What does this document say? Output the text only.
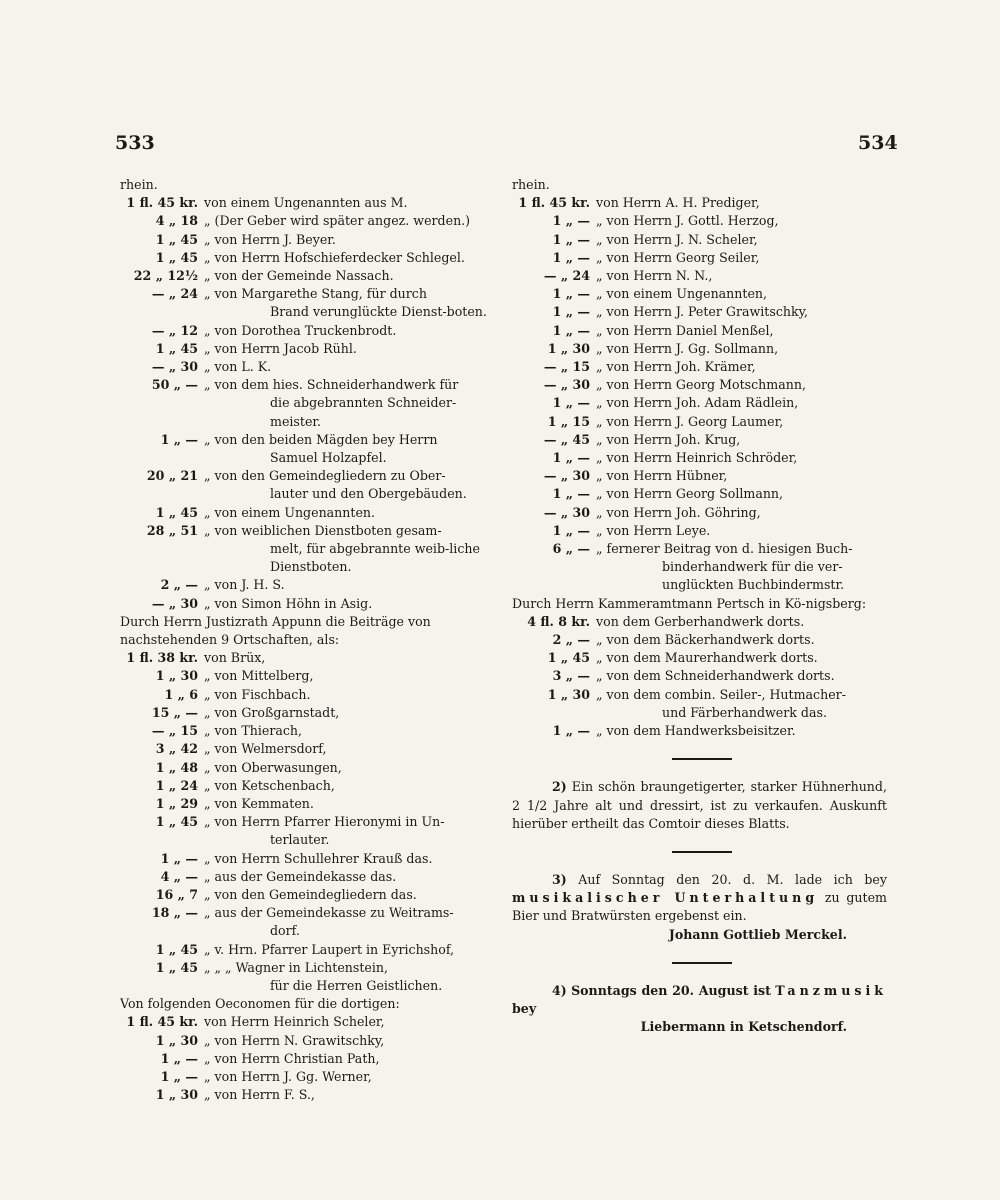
533	534
rhein.
1 fl. 45 kr. von einem Ungenannten aus M.
4 „ 18 „ (Der Geber wird später angez. werden.)
1 „ 45 „ von Herrn J. Beyer.
1 „ 45 „ von Herrn Hofschieferdecker Schlegel.
22 „ 12½ „ von der Gemeinde Nassach.
— „ 24 „ von Margarethe Stang, für durch
Brand verunglückte Dienst-boten.
— „ 12 „ von Dorothea Truckenbrodt.
1 „ 45 „ von Herrn Jacob Rühl.
— „ 30 „ von L. K.
50 „ — „ von dem hies. Schneiderhandwerk für
die abgebrannten Schneider-meister.
1 „ — „ von den beiden Mägden bey Herrn
Samuel Holzapfel.
20 „ 21 „ von den Gemeindegliedern zu Ober-
lauter und den Obergebäuden.
1 „ 45 „ von einem Ungenannten.
28 „ 51 „ von weiblichen Dienstboten gesam-
melt, für abgebrannte weib-liche Dienstboten.
2 „ — „ von J. H. S.
— „ 30 „ von Simon Höhn in Asig.
Durch Herrn Justizrath Appunn die Beiträge von nachstehenden 9 Ortschaften, als:
1 fl. 38 kr. von Brüx,
1 „ 30 „ von Mittelberg,
1 „ 6 „ von Fischbach.
15 „ — „ von Großgarnstadt,
— „ 15 „ von Thierach,
3 „ 42 „ von Welmersdorf,
1 „ 48 „ von Oberwasungen,
1 „ 24 „ von Ketschenbach,
1 „ 29 „ von Kemmaten.
1 „ 45 „ von Herrn Pfarrer Hieronymi in Un-
terlauter.
1 „ — „ von Herrn Schullehrer Krauß das.
4 „ — „ aus der Gemeindekasse das.
16 „ 7 „ von den Gemeindegliedern das.
18 „ — „ aus der Gemeindekasse zu Weitrams-
dorf.
1 „ 45 „ v. Hrn. Pfarrer Laupert in Eyrichshof,
1 „ 45 „ „ „ Wagner in Lichtenstein,
für die Herren Geistlichen.
Von folgenden Oeconomen für die dortigen:
1 fl. 45 kr. von Herrn Heinrich Scheler,
1 „ 30 „ von Herrn N. Grawitschky,
1 „ — „ von Herrn Christian Path,
1 „ — „ von Herrn J. Gg. Werner,
1 „ 30 „ von Herrn F. S.,
rhein.
1 fl. 45 kr. von Herrn A. H. Prediger,
1 „ — „ von Herrn J. Gottl. Herzog,
1 „ — „ von Herrn J. N. Scheler,
1 „ — „ von Herrn Georg Seiler,
— „ 24 „ von Herrn N. N.,
1 „ — „ von einem Ungenannten,
1 „ — „ von Herrn J. Peter Grawitschky,
1 „ — „ von Herrn Daniel Menßel,
1 „ 30 „ von Herrn J. Gg. Sollmann,
— „ 15 „ von Herrn Joh. Krämer,
— „ 30 „ von Herrn Georg Motschmann,
1 „ — „ von Herrn Joh. Adam Rädlein,
1 „ 15 „ von Herrn J. Georg Laumer,
— „ 45 „ von Herrn Joh. Krug,
1 „ — „ von Herrn Heinrich Schröder,
— „ 30 „ von Herrn Hübner,
1 „ — „ von Herrn Georg Sollmann,
— „ 30 „ von Herrn Joh. Göhring,
1 „ — „ von Herrn Leye.
6 „ — „ fernerer Beitrag von d. hiesigen Buch-
binderhandwerk für die ver-unglückten Buchbindermstr.
Durch Herrn Kammeramtmann Pertsch in Kö-nigsberg:
4 fl. 8 kr. von dem Gerberhandwerk dorts.
2 „ — „ von dem Bäckerhandwerk dorts.
1 „ 45 „ von dem Maurerhandwerk dorts.
3 „ — „ von dem Schneiderhandwerk dorts.
1 „ 30 „ von dem combin. Seiler-, Hutmacher-
und Färberhandwerk das.
1 „ — „ von dem Handwerksbeisitzer.
2) Ein schön braungetigerter, starker Hühnerhund, 2 1/2 Jahre alt und dressirt, ist zu verkaufen. Auskunft hierüber ertheilt das Comtoir dieses Blatts.
3) Auf Sonntag den 20. d. M. lade ich bey musikalischer Unterhaltung zu gutem Bier und Bratwürsten ergebenst ein.
Johann Gottlieb Merckel.
4) Sonntags den 20. August ist Tanzmusik bey
Liebermann in Ketschendorf.
